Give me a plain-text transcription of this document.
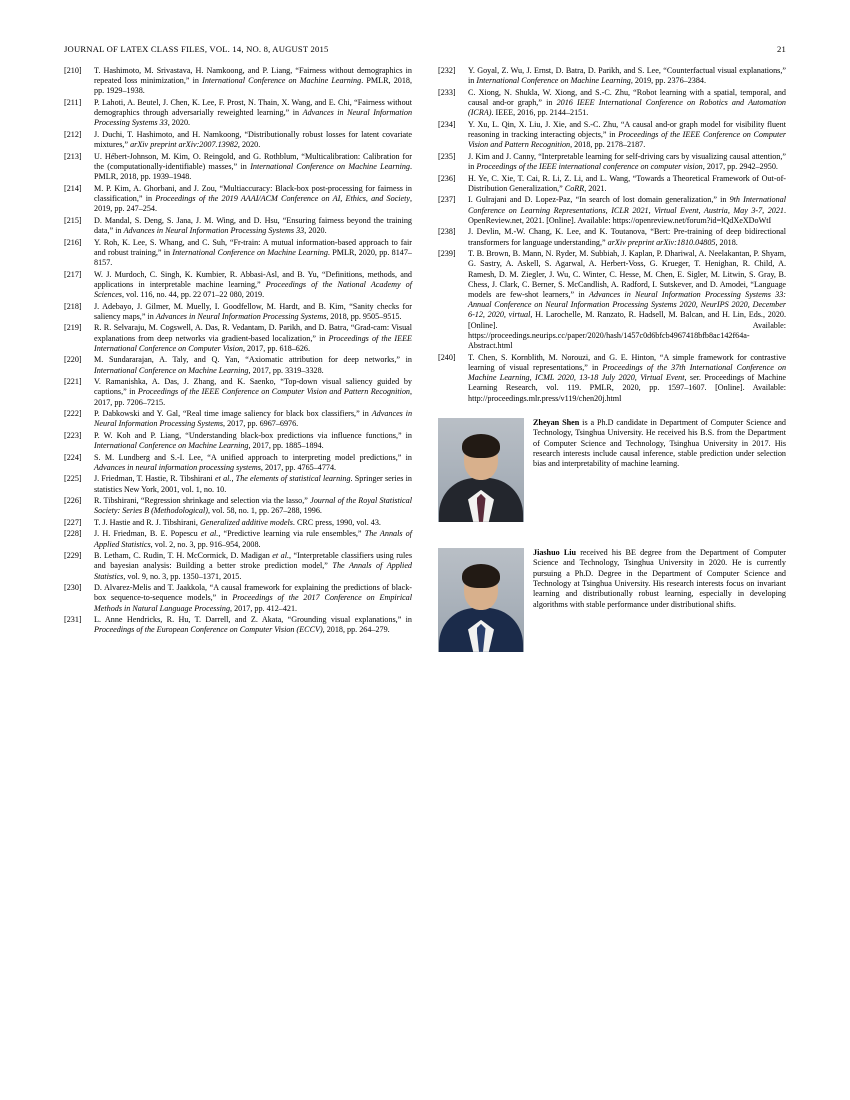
JOURNAL OF LATEX CLASS FILES, VOL. 14, NO. 8, AUGUST 2015	21
[210]	T. Hashimoto, M. Srivastava, H. Namkoong, and P. Liang, “Fairness without demographics in repeated loss minimization,” in International Conference on Machine Learning. PMLR, 2018, pp. 1929–1938.
[211]	P. Lahoti, A. Beutel, J. Chen, K. Lee, F. Prost, N. Thain, X. Wang, and E. Chi, “Fairness without demographics through adversarially reweighted learning,” in Advances in Neural Information Processing Systems 33, 2020.
[212]	J. Duchi, T. Hashimoto, and H. Namkoong, “Distributionally robust losses for latent covariate mixtures,” arXiv preprint arXiv:2007.13982, 2020.
[213]	U. Hébert-Johnson, M. Kim, O. Reingold, and G. Rothblum, “Multicalibration: Calibration for the (computationally-identifiable) masses,” in International Conference on Machine Learning. PMLR, 2018, pp. 1939–1948.
[214]	M. P. Kim, A. Ghorbani, and J. Zou, “Multiaccuracy: Black-box post-processing for fairness in classification,” in Proceedings of the 2019 AAAI/ACM Conference on AI, Ethics, and Society, 2019, pp. 247–254.
[215]	D. Mandal, S. Deng, S. Jana, J. M. Wing, and D. Hsu, “Ensuring fairness beyond the training data,” in Advances in Neural Information Processing Systems 33, 2020.
[216]	Y. Roh, K. Lee, S. Whang, and C. Suh, “Fr-train: A mutual information-based approach to fair and robust training,” in International Conference on Machine Learning. PMLR, 2020, pp. 8147–8157.
[217]	W. J. Murdoch, C. Singh, K. Kumbier, R. Abbasi-Asl, and B. Yu, “Definitions, methods, and applications in interpretable machine learning,” Proceedings of the National Academy of Sciences, vol. 116, no. 44, pp. 22 071–22 080, 2019.
[218]	J. Adebayo, J. Gilmer, M. Muelly, I. Goodfellow, M. Hardt, and B. Kim, “Sanity checks for saliency maps,” in Advances in Neural Information Processing Systems, 2018, pp. 9505–9515.
[219]	R. R. Selvaraju, M. Cogswell, A. Das, R. Vedantam, D. Parikh, and D. Batra, “Grad-cam: Visual explanations from deep networks via gradient-based localization,” in Proceedings of the IEEE International Conference on Computer Vision, 2017, pp. 618–626.
[220]	M. Sundararajan, A. Taly, and Q. Yan, “Axiomatic attribution for deep networks,” in International Conference on Machine Learning, 2017, pp. 3319–3328.
[221]	V. Ramanishka, A. Das, J. Zhang, and K. Saenko, “Top-down visual saliency guided by captions,” in Proceedings of the IEEE Conference on Computer Vision and Pattern Recognition, 2017, pp. 7206–7215.
[222]	P. Dabkowski and Y. Gal, “Real time image saliency for black box classifiers,” in Advances in Neural Information Processing Systems, 2017, pp. 6967–6976.
[223]	P. W. Koh and P. Liang, “Understanding black-box predictions via influence functions,” in International Conference on Machine Learning, 2017, pp. 1885–1894.
[224]	S. M. Lundberg and S.-I. Lee, “A unified approach to interpreting model predictions,” in Advances in neural information processing systems, 2017, pp. 4765–4774.
[225]	J. Friedman, T. Hastie, R. Tibshirani et al., The elements of statistical learning. Springer series in statistics New York, 2001, vol. 1, no. 10.
[226]	R. Tibshirani, “Regression shrinkage and selection via the lasso,” Journal of the Royal Statistical Society: Series B (Methodological), vol. 58, no. 1, pp. 267–288, 1996.
[227]	T. J. Hastie and R. J. Tibshirani, Generalized additive models. CRC press, 1990, vol. 43.
[228]	J. H. Friedman, B. E. Popescu et al., “Predictive learning via rule ensembles,” The Annals of Applied Statistics, vol. 2, no. 3, pp. 916–954, 2008.
[229]	B. Letham, C. Rudin, T. H. McCormick, D. Madigan et al., “Interpretable classifiers using rules and bayesian analysis: Building a better stroke prediction model,” The Annals of Applied Statistics, vol. 9, no. 3, pp. 1350–1371, 2015.
[230]	D. Alvarez-Melis and T. Jaakkola, “A causal framework for explaining the predictions of black-box sequence-to-sequence models,” in Proceedings of the 2017 Conference on Empirical Methods in Natural Language Processing, 2017, pp. 412–421.
[231]	L. Anne Hendricks, R. Hu, T. Darrell, and Z. Akata, “Grounding visual explanations,” in Proceedings of the European Conference on Computer Vision (ECCV), 2018, pp. 264–279.
[232]	Y. Goyal, Z. Wu, J. Ernst, D. Batra, D. Parikh, and S. Lee, “Counterfactual visual explanations,” in International Conference on Machine Learning, 2019, pp. 2376–2384.
[233]	C. Xiong, N. Shukla, W. Xiong, and S.-C. Zhu, “Robot learning with a spatial, temporal, and causal and-or graph,” in 2016 IEEE International Conference on Robotics and Automation (ICRA). IEEE, 2016, pp. 2144–2151.
[234]	Y. Xu, L. Qin, X. Liu, J. Xie, and S.-C. Zhu, “A causal and-or graph model for visibility fluent reasoning in tracking interacting objects,” in Proceedings of the IEEE Conference on Computer Vision and Pattern Recognition, 2018, pp. 2178–2187.
[235]	J. Kim and J. Canny, “Interpretable learning for self-driving cars by visualizing causal attention,” in Proceedings of the IEEE international conference on computer vision, 2017, pp. 2942–2950.
[236]	H. Ye, C. Xie, T. Cai, R. Li, Z. Li, and L. Wang, “Towards a Theoretical Framework of Out-of-Distribution Generalization,” CoRR, 2021.
[237]	I. Gulrajani and D. Lopez-Paz, “In search of lost domain generalization,” in 9th International Conference on Learning Representations, ICLR 2021, Virtual Event, Austria, May 3-7, 2021. OpenReview.net, 2021. [Online]. Available: https://openreview.net/forum?id=lQdXeXDoWtI
[238]	J. Devlin, M.-W. Chang, K. Lee, and K. Toutanova, “Bert: Pre-training of deep bidirectional transformers for language understanding,” arXiv preprint arXiv:1810.04805, 2018.
[239]	T. B. Brown, B. Mann, N. Ryder, M. Subbiah, J. Kaplan, P. Dhariwal, A. Neelakantan, P. Shyam, G. Sastry, A. Askell, S. Agarwal, A. Herbert-Voss, G. Krueger, T. Henighan, R. Child, A. Ramesh, D. M. Ziegler, J. Wu, C. Winter, C. Hesse, M. Chen, E. Sigler, M. Litwin, S. Gray, B. Chess, J. Clark, C. Berner, S. McCandlish, A. Radford, I. Sutskever, and D. Amodei, “Language models are few-shot learners,” in Advances in Neural Information Processing Systems 33: Annual Conference on Neural Information Processing Systems 2020, NeurIPS 2020, December 6-12, 2020, virtual, H. Larochelle, M. Ranzato, R. Hadsell, M. Balcan, and H. Lin, Eds., 2020. [Online]. Available: https://proceedings.neurips.cc/paper/2020/hash/1457c0d6bfcb4967418bfb8ac142f64a-Abstract.html
[240]	T. Chen, S. Kornblith, M. Norouzi, and G. E. Hinton, “A simple framework for contrastive learning of visual representations,” in Proceedings of the 37th International Conference on Machine Learning, ICML 2020, 13-18 July 2020, Virtual Event, ser. Proceedings of Machine Learning Research, vol. 119. PMLR, 2020, pp. 1597–1607. [Online]. Available: http://proceedings.mlr.press/v119/chen20j.html
Zheyan Shen is a Ph.D candidate in Department of Computer Science and Technology, Tsinghua University. He received his B.S. from the Department of Computer Science and Technology, Tsinghua University in 2017. His research interests include causal inference, stable prediction under selection bias and interpretability of machine learning.
Jiashuo Liu received his BE degree from the Department of Computer Science and Technology, Tsinghua University in 2020. He is currently pursuing a Ph.D. Degree in the Department of Computer Science and Technology at Tsinghua University. His research interests focus on invariant learning and distributionally robust learning, especially in developing algorithms with stable performance under distributional shifts.
